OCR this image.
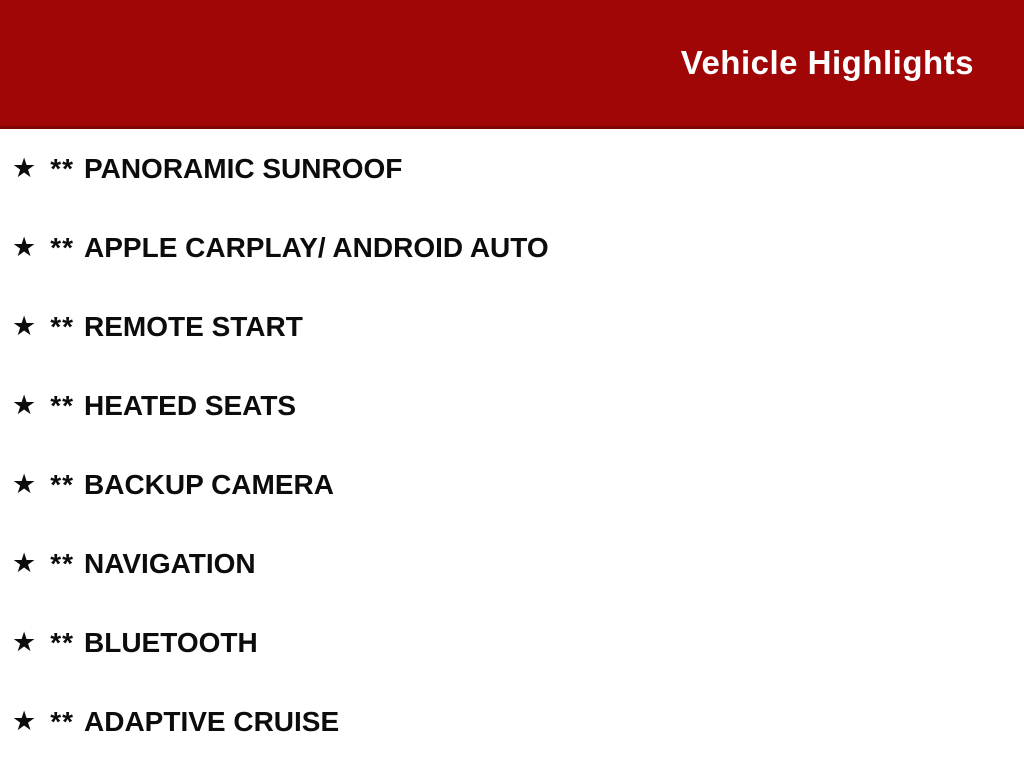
Vehicle Highlights
★ ** PANORAMIC SUNROOF
★ ** APPLE CARPLAY/ ANDROID AUTO
★ ** REMOTE START
★ ** HEATED SEATS
★ ** BACKUP CAMERA
★ ** NAVIGATION
★ ** BLUETOOTH
★ ** ADAPTIVE CRUISE
